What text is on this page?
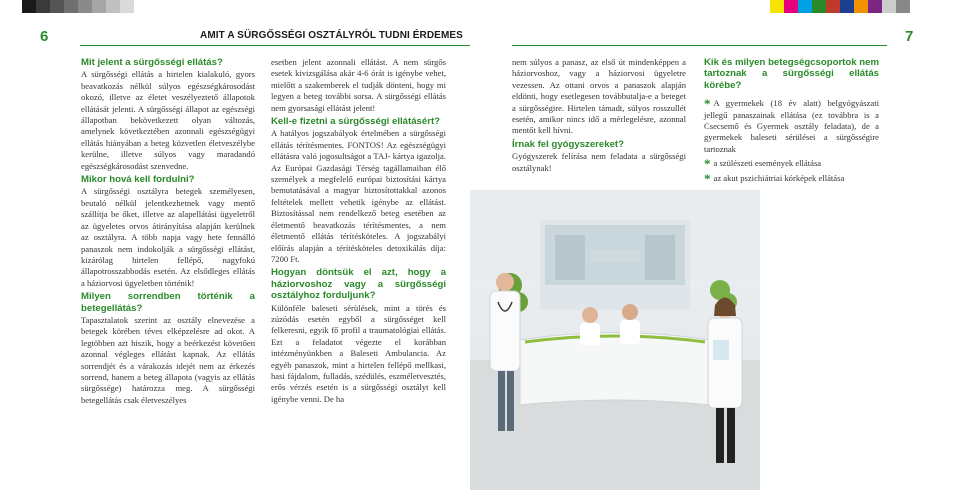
6	AMIT A SÜRGŐSSÉGI OSZTÁLYRÓL TUDNI ÉRDEMES	7
Mit jelent a sürgősségi ellátás?

A sürgősségi ellátás a hirtelen kialakuló, gyors beavatkozás nélkül súlyos egészségkárosodást okozó, illetve az életet veszélyeztető állapotok ellátását jelenti. A sürgősségi állapot az egészségi állapotban bekövetkezett olyan változás, amelynek következtében azonnali egészségügyi ellátás hiányában a beteg közvetlen életveszélybe kerülne, illetve súlyos vagy maradandó egészségkárosodást szenvedne.

Mikor hová kell fordulni?

A sürgősségi osztályra betegek személyesen, beutaló nélkül jelentkezhetnek vagy mentő szállítja be őket, illetve az alapellátási ügyeletről az ügyeletes orvos átirányítása alapján kerülnek az osztályra. A több napja vagy hete fennálló panaszok nem indokolják a sürgősségi ellátást, kizárólag hirtelen fellépő, nagyfokú állapotrosszabbodás esetén. Az elsődleges ellátás a háziorvosi ügyeletben történik!

Milyen sorrendben történik a betegellátás?

Tapasztalatok szerint az osztály elnevezése a betegek körében téves elképzelésre ad okot. A legtöbben azt hiszik, hogy a beérkezést követően azonnal végleges ellátást kapnak. Az ellátás sorrendjét és a várakozás idejét nem az érkezés sorrend, hanem a beteg állapota (vagyis az ellátás sürgőssége) határozza meg. A sürgősségi betegellátás csak életveszélyes

esetben jelent azonnali ellátást. A nem sürgős esetek kivizsgálása akár 4-6 órát is igénybe vehet, mielőtt a szakemberek el tudják dönteni, hogy mi legyen a beteg további sorsa. A sürgősségi ellátás nem gyorsasági ellátást jelent!

Kell-e fizetni a sürgősségi ellátásért?

A hatályos jogszabályok értelmében a sürgősségi ellátás térítésmentes. FONTOS! Az egészségügyi ellátásra való jogosultságot a TAJ- kártya igazolja. Az Európai Gazdasági Térség tagállamaiban élő személyek a megfelelő európai biztosítási kártya bemutatásával a magyar biztosítottakkal azonos feltételek mellett vehetik igénybe az ellátást. Biztosítással nem rendelkező beteg esetében az életmentő beavatkozás térítésmentes, a nem életmentő ellátás térítésköteles. A jogszabályi előírás alapján a térítésköteles detoxikálás díja: 7200 Ft.

Hogyan döntsük el azt, hogy a háziorvoshoz vagy a sürgősségi osztályhoz forduljunk?

Különféle baleseti sérülések, mint a törés és zúzódás esetén egyből a sürgősséget kell felkeresni, egyik fő profil a traumatológiai ellátás. Ezt a feladatot végezte el korábban intézményünkben a Baleseti Ambulancia. Az egyéb panaszok, mint a hirtelen fellépő mellkasi, hasi fájdalom, fulladás, szédülés, eszméletvesztés, erős vérzés esetén is a sürgősségi osztályt kell igénybe venni. De ha

nem súlyos a panasz, az első út mindenképpen a háziorvoshoz, vagy a háziorvosi ügyeletre vezessen. Az ottani orvos a panaszok alapján eldönti, hogy esetlegesen továbbutalja-e a beteget a sürgősségire. Hirtelen támadt, súlyos rosszullét esetén, amikor nincs idő a mérlegelésre, azonnal mentőt kell hívni.

Írnak fel gyógyszereket?

Gyógyszerek felírása nem feladata a sürgősségi osztálynak!

Kik és milyen betegségcsoportok nem tartoznak a sürgősségi ellátás körébe?

* A gyermekek (18 év alatt) belgyógyászati jellegű panaszainak ellátása (ez továbbra is a Csecsemő és Gyermek osztály feladata), de a gyermekek baleseti sérülései a sürgősségire tartoznak

* a szülészeti események ellátása

* az akut pszichiátriai kórképek ellátása
